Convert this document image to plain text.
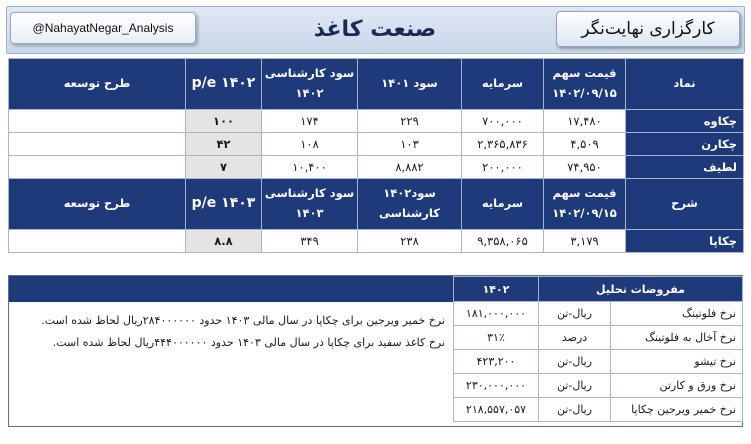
@NahayatNegar_Analysis	صنعت کاغذ	کارگزاری نهایت‌نگر
نماد	قیمت سهم ۱۴۰۲/۰۹/۱۵	سرمایه	سود ۱۴۰۱	سود کارشناسی ۱۴۰۲	p/e ۱۴۰۲	طرح توسعه
چکاوه	۱۷,۴۸۰	۷۰۰,۰۰۰	۲۲۹	۱۷۴	۱۰۰	
چکارن	۴,۵۰۹	۲,۳۶۵,۸۳۶	۱۰۳	۱۰۸	۴۲	
لطیف	۷۴,۹۵۰	۲۰۰,۰۰۰	۸,۸۸۲	۱۰,۴۰۰	۷	
شرح	قیمت سهم ۱۴۰۲/۰۹/۱۵	سرمایه	سود۱۴۰۲ کارشناسی	سود کارشناسی ۱۴۰۳	p/e ۱۴۰۳	طرح توسعه
چکاپا	۳,۱۷۹	۹,۳۵۸,۰۶۵	۲۳۸	۳۴۹	۸.۸	
مفروضات تحلیل		۱۴۰۲	
نرخ فلوتینگ	ریال-تن	۱۸۱,۰۰۰,۰۰۰	نرخ خمیر ویرجین برای چکاپا در سال مالی ۱۴۰۳ حدود ۲۸۴۰۰۰۰۰۰ریال لحاظ شده است.
نرخ کاغذ سفید برای چکاپا در سال مالی ۱۴۰۳ حدود ۴۴۴۰۰۰۰۰۰ریال لحاظ شده است.

نرخ آخال به فلوتینگ	درصد	۳۱٪	
نرخ تیشو	ریال-تن	۴۲۳,۲۰۰	
نرخ ورق و کارتن	ریال-تن	۲۳۰,۰۰۰,۰۰۰	
نرخ خمیر ویرجین چکاپا	ریال-تن	۲۱۸,۵۵۷,۰۵۷	
